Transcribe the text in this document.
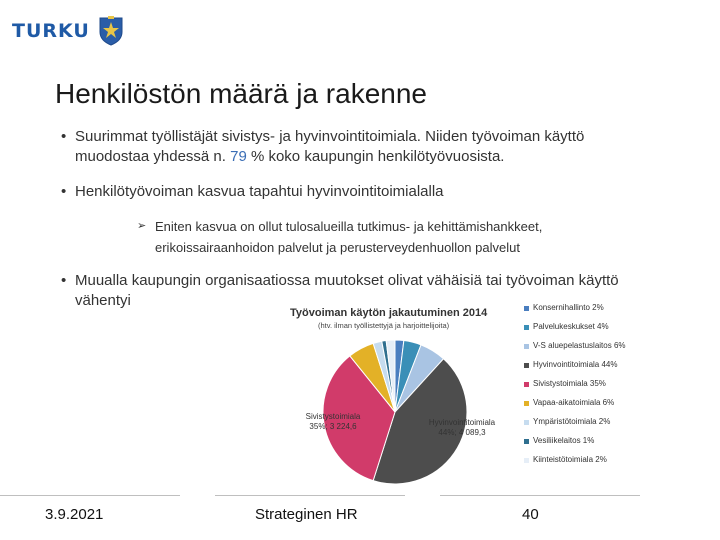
TURKU
Henkilöstön määrä ja rakenne
• Suurimmat työllistäjät sivistys- ja hyvinvointitoimiala. Niiden työvoiman käyttö muodostaa yhdessä n. 79 % koko kaupungin henkilötyövuosista.
• Henkilötyövoiman kasvua tapahtui hyvinvointitoimialalla
➢ Eniten kasvua on ollut tulosalueilla tutkimus- ja kehittämishankkeet, erikoissairaanhoidon palvelut ja perusterveydenhuollon palvelut
• Muualla kaupungin organisaatiossa muutokset olivat vähäisiä tai työvoiman käyttö vähentyi
Työvoiman käytön jakautuminen 2014
(htv. ilman työllistettyjä ja harjoittelijoita)
Sivistystoimiala
35%; 3 224,6	Hyvinvointitoimiala
44%; 4 089,3
Konsernihallinto 2%
Palvelukeskukset 4%
V-S aluepelastuslaitos 6%
Hyvinvointitoimiala 44%
Sivistystoimiala 35%
Vapaa-aikatoimiala 6%
Ympäristötoimiala 2%
Vesiliikelaitos 1%
Kiinteistötoimiala 2%
3.9.2021	Strateginen HR	40
